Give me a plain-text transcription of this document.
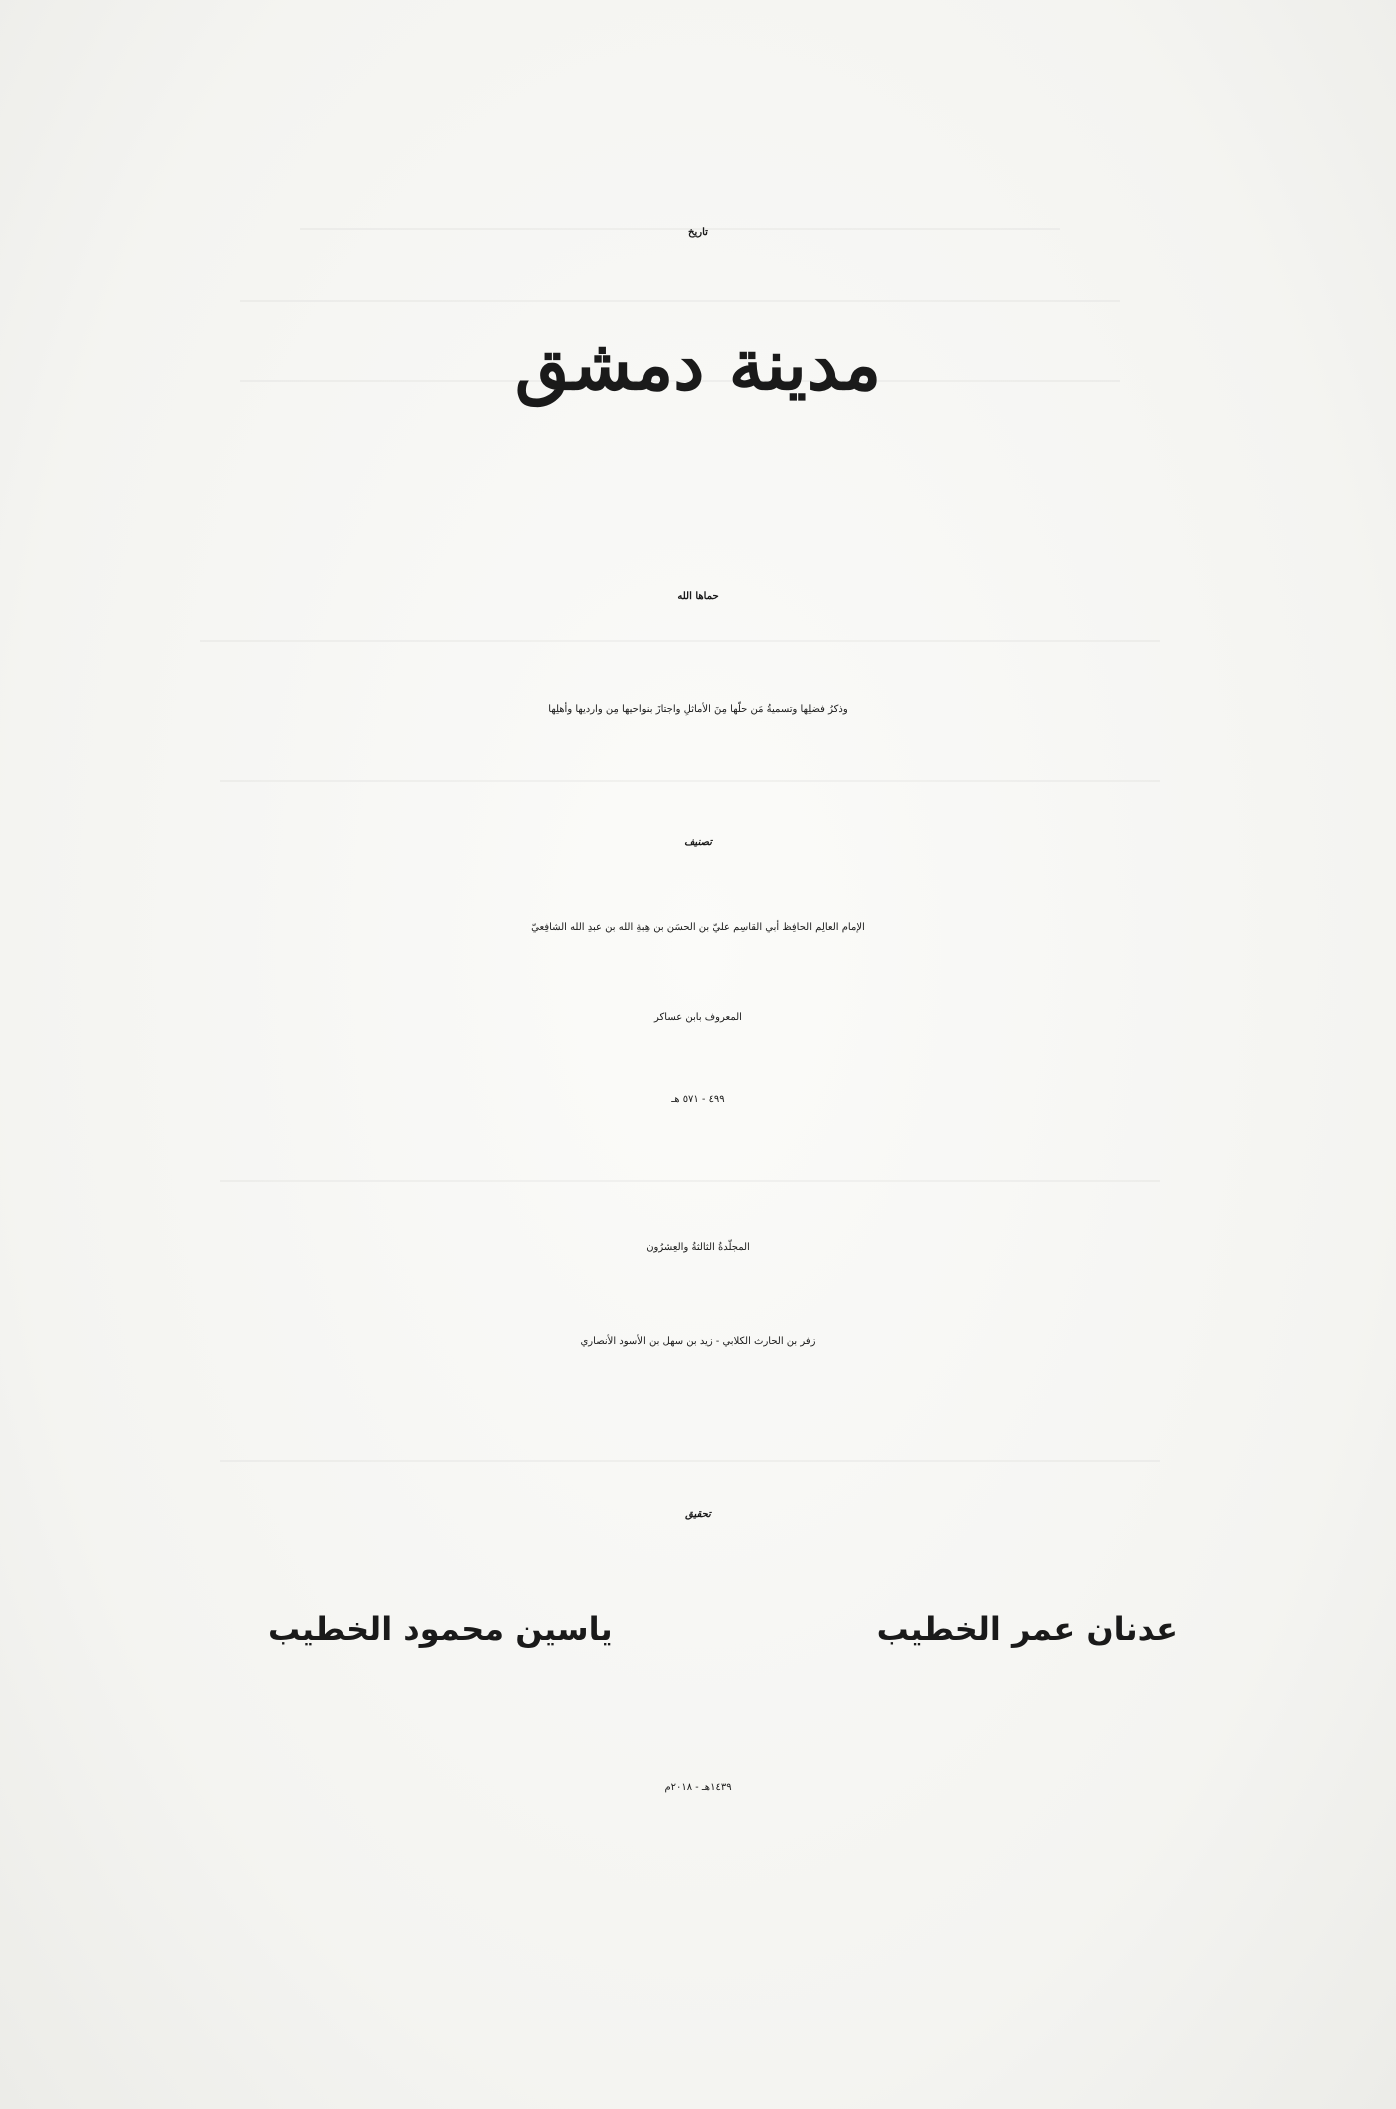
تاريخ
مدينة دمشق
حماها الله
وذكرُ فضلِها وتسميةُ مَن حلّها مِنَ الأماثلِ واجتازَ بنواحيها مِن وارديها وأهلِها
تصنيف
الإمام العالِم الحافِظ أبي القاسِم عليّ بن الحسَن بن هِبةِ الله بن عبدِ الله الشافِعيّ
المعروف بابن عساكر
٤٩٩ - ٥٧١ هـ
المجلّدةُ الثالثةُ والعِشرُون
زفر بن الحارث الكلابي - زيد بن سهل بن الأسود الأنصاري
تحقيق
عدنان عمر الخطيب
ياسين محمود الخطيب
١٤٣٩هـ - ٢٠١٨م
